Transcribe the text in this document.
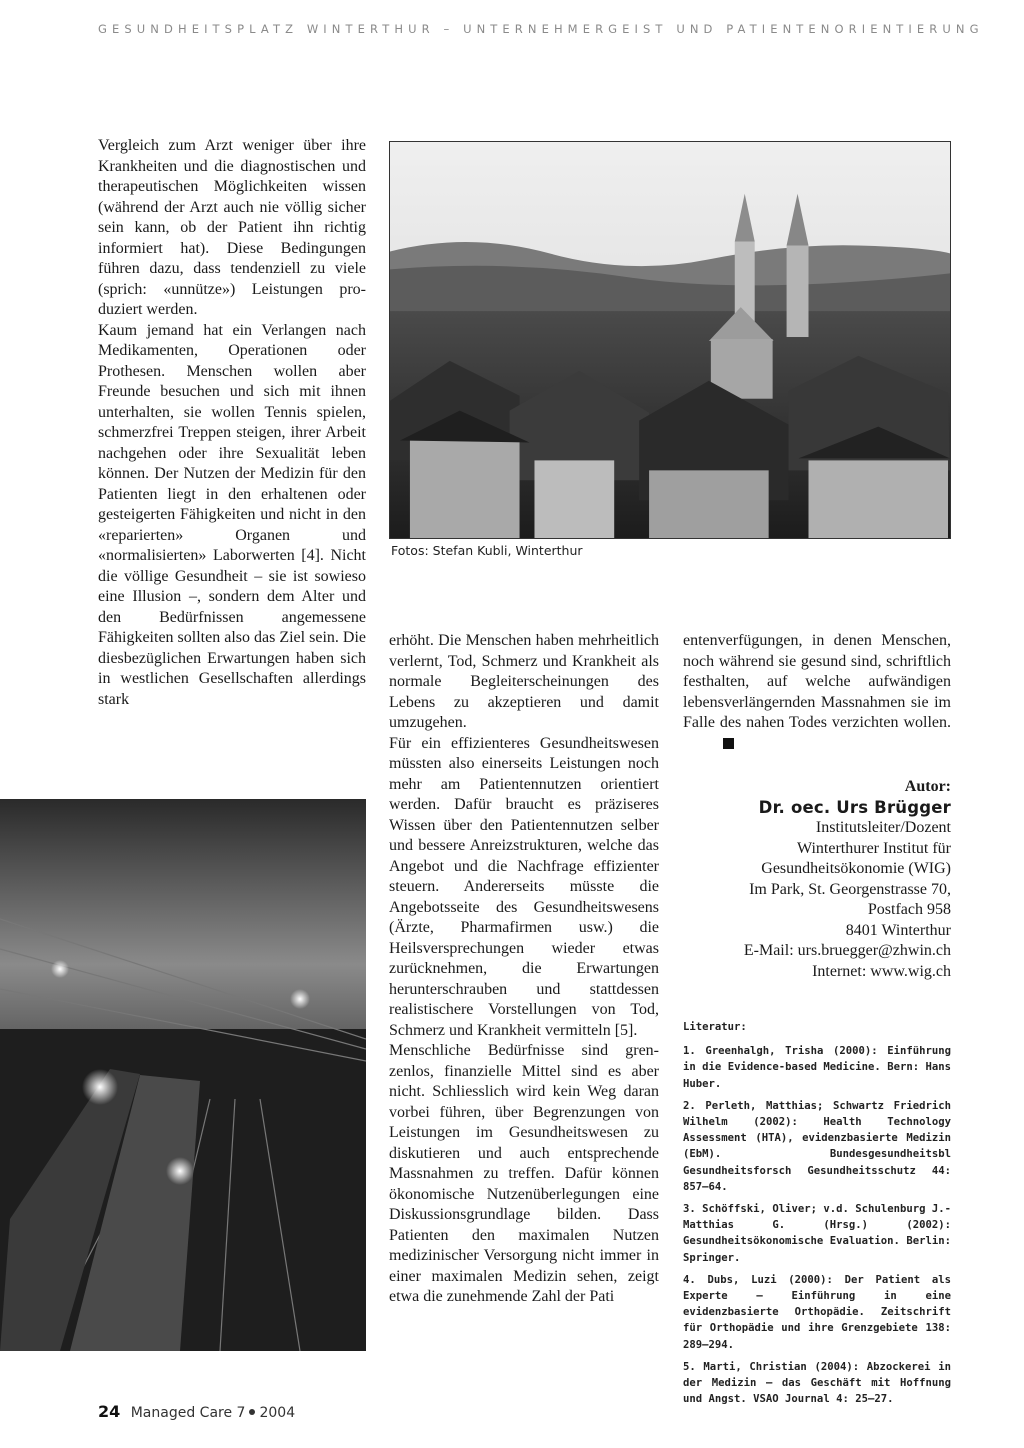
GESUNDHEITSPLATZ WINTERTHUR – UNTERNEHMERGEIST UND PATIENTENORIENTIERUNG

Vergleich zum Arzt weniger über ihre Krankheiten und die diagnostischen und therapeutischen Möglichkeiten wissen (während der Arzt auch nie völlig sicher sein kann, ob der Patient ihn richtig informiert hat). Diese Bedingungen führen dazu, dass tendenziell zu viele (sprich: «unnütze») Leistungen produziert werden.

Kaum jemand hat ein Verlangen nach Medikamenten, Operationen oder Prothesen. Menschen wollen aber Freunde besuchen und sich mit ihnen unterhalten, sie wollen Tennis spielen, schmerzfrei Treppen steigen, ihrer Arbeit nachgehen oder ihre Sexualität leben können. Der Nutzen der Medizin für den Patienten liegt in den erhaltenen oder gesteigerten Fähigkeiten und nicht in den «reparierten» Organen und «normalisierten» Laborwerten [4]. Nicht die völlige Gesundheit – sie ist sowieso eine Illusion –, sondern dem Alter und den Bedürfnissen angemessene Fähigkeiten sollten also das Ziel sein. Die diesbezüglichen Erwartungen haben sich in westlichen Gesellschaften allerdings stark

Fotos: Stefan Kubli, Winterthur

erhöht. Die Menschen haben mehrheitlich verlernt, Tod, Schmerz und Krankheit als normale Begleiterscheinungen des Lebens zu akzeptieren und damit umzugehen.

Für ein effizienteres Gesundheitswesen müssten also einerseits Leistungen noch mehr am Patientennutzen orientiert werden. Dafür braucht es präziseres Wissen über den Patientennutzen selber und bessere Anreizstrukturen, welche das Angebot und die Nachfrage effizienter steuern. Andererseits müsste die Angebotsseite des Gesundheitswesens (Ärzte, Pharmafirmen usw.) die Heilsversprechungen wieder etwas zurücknehmen, die Erwartungen herunterschrauben und stattdessen realistischere Vorstellungen von Tod, Schmerz und Krankheit vermitteln [5].

Menschliche Bedürfnisse sind grenzenlos, finanzielle Mittel sind es aber nicht. Schliesslich wird kein Weg daran vorbei führen, über Begrenzungen von Leistungen im Gesundheitswesen zu diskutieren und auch entsprechende Massnahmen zu treffen. Dafür können ökonomische Nutzenüberlegungen eine Diskussionsgrundlage bilden. Dass Patienten den maximalen Nutzen medizinischer Versorgung nicht immer in einer maximalen Medizin sehen, zeigt etwa die zunehmende Zahl der Pati

entenverfügungen, in denen Menschen, noch während sie gesund sind, schriftlich festhalten, auf welche aufwändigen lebensverlängernden Massnahmen sie im Falle des nahen Todes verzichten wollen.

Autor:
Dr. oec. Urs Brügger
Institutsleiter/Dozent
Winterthurer Institut für
Gesundheitsökonomie (WIG)
Im Park, St. Georgenstrasse 70,
Postfach 958
8401 Winterthur
E-Mail: urs.bruegger@zhwin.ch
Internet: www.wig.ch
Literatur:
1. Greenhalgh, Trisha (2000): Einführung in die Evidence-based Medicine. Bern: Hans Huber.
2. Perleth, Matthias; Schwartz Friedrich Wilhelm (2002): Health Technology Assessment (HTA), evidenzbasierte Medizin (EbM). Bundesgesundheitsbl Gesundheitsforsch Gesundheitsschutz 44: 857–64.
3. Schöffski, Oliver; v.d. Schulenburg J.-Matthias G. (Hrsg.) (2002): Gesundheitsökonomische Evaluation. Berlin: Springer.
4. Dubs, Luzi (2000): Der Patient als Experte – Einführung in eine evidenzbasierte Orthopädie. Zeitschrift für Orthopädie und ihre Grenzgebiete 138: 289–294.
5. Marti, Christian (2004): Abzockerei in der Medizin – das Geschäft mit Hoffnung und Angst. VSAO Journal 4: 25–27.
24 Managed Care 7 2004
